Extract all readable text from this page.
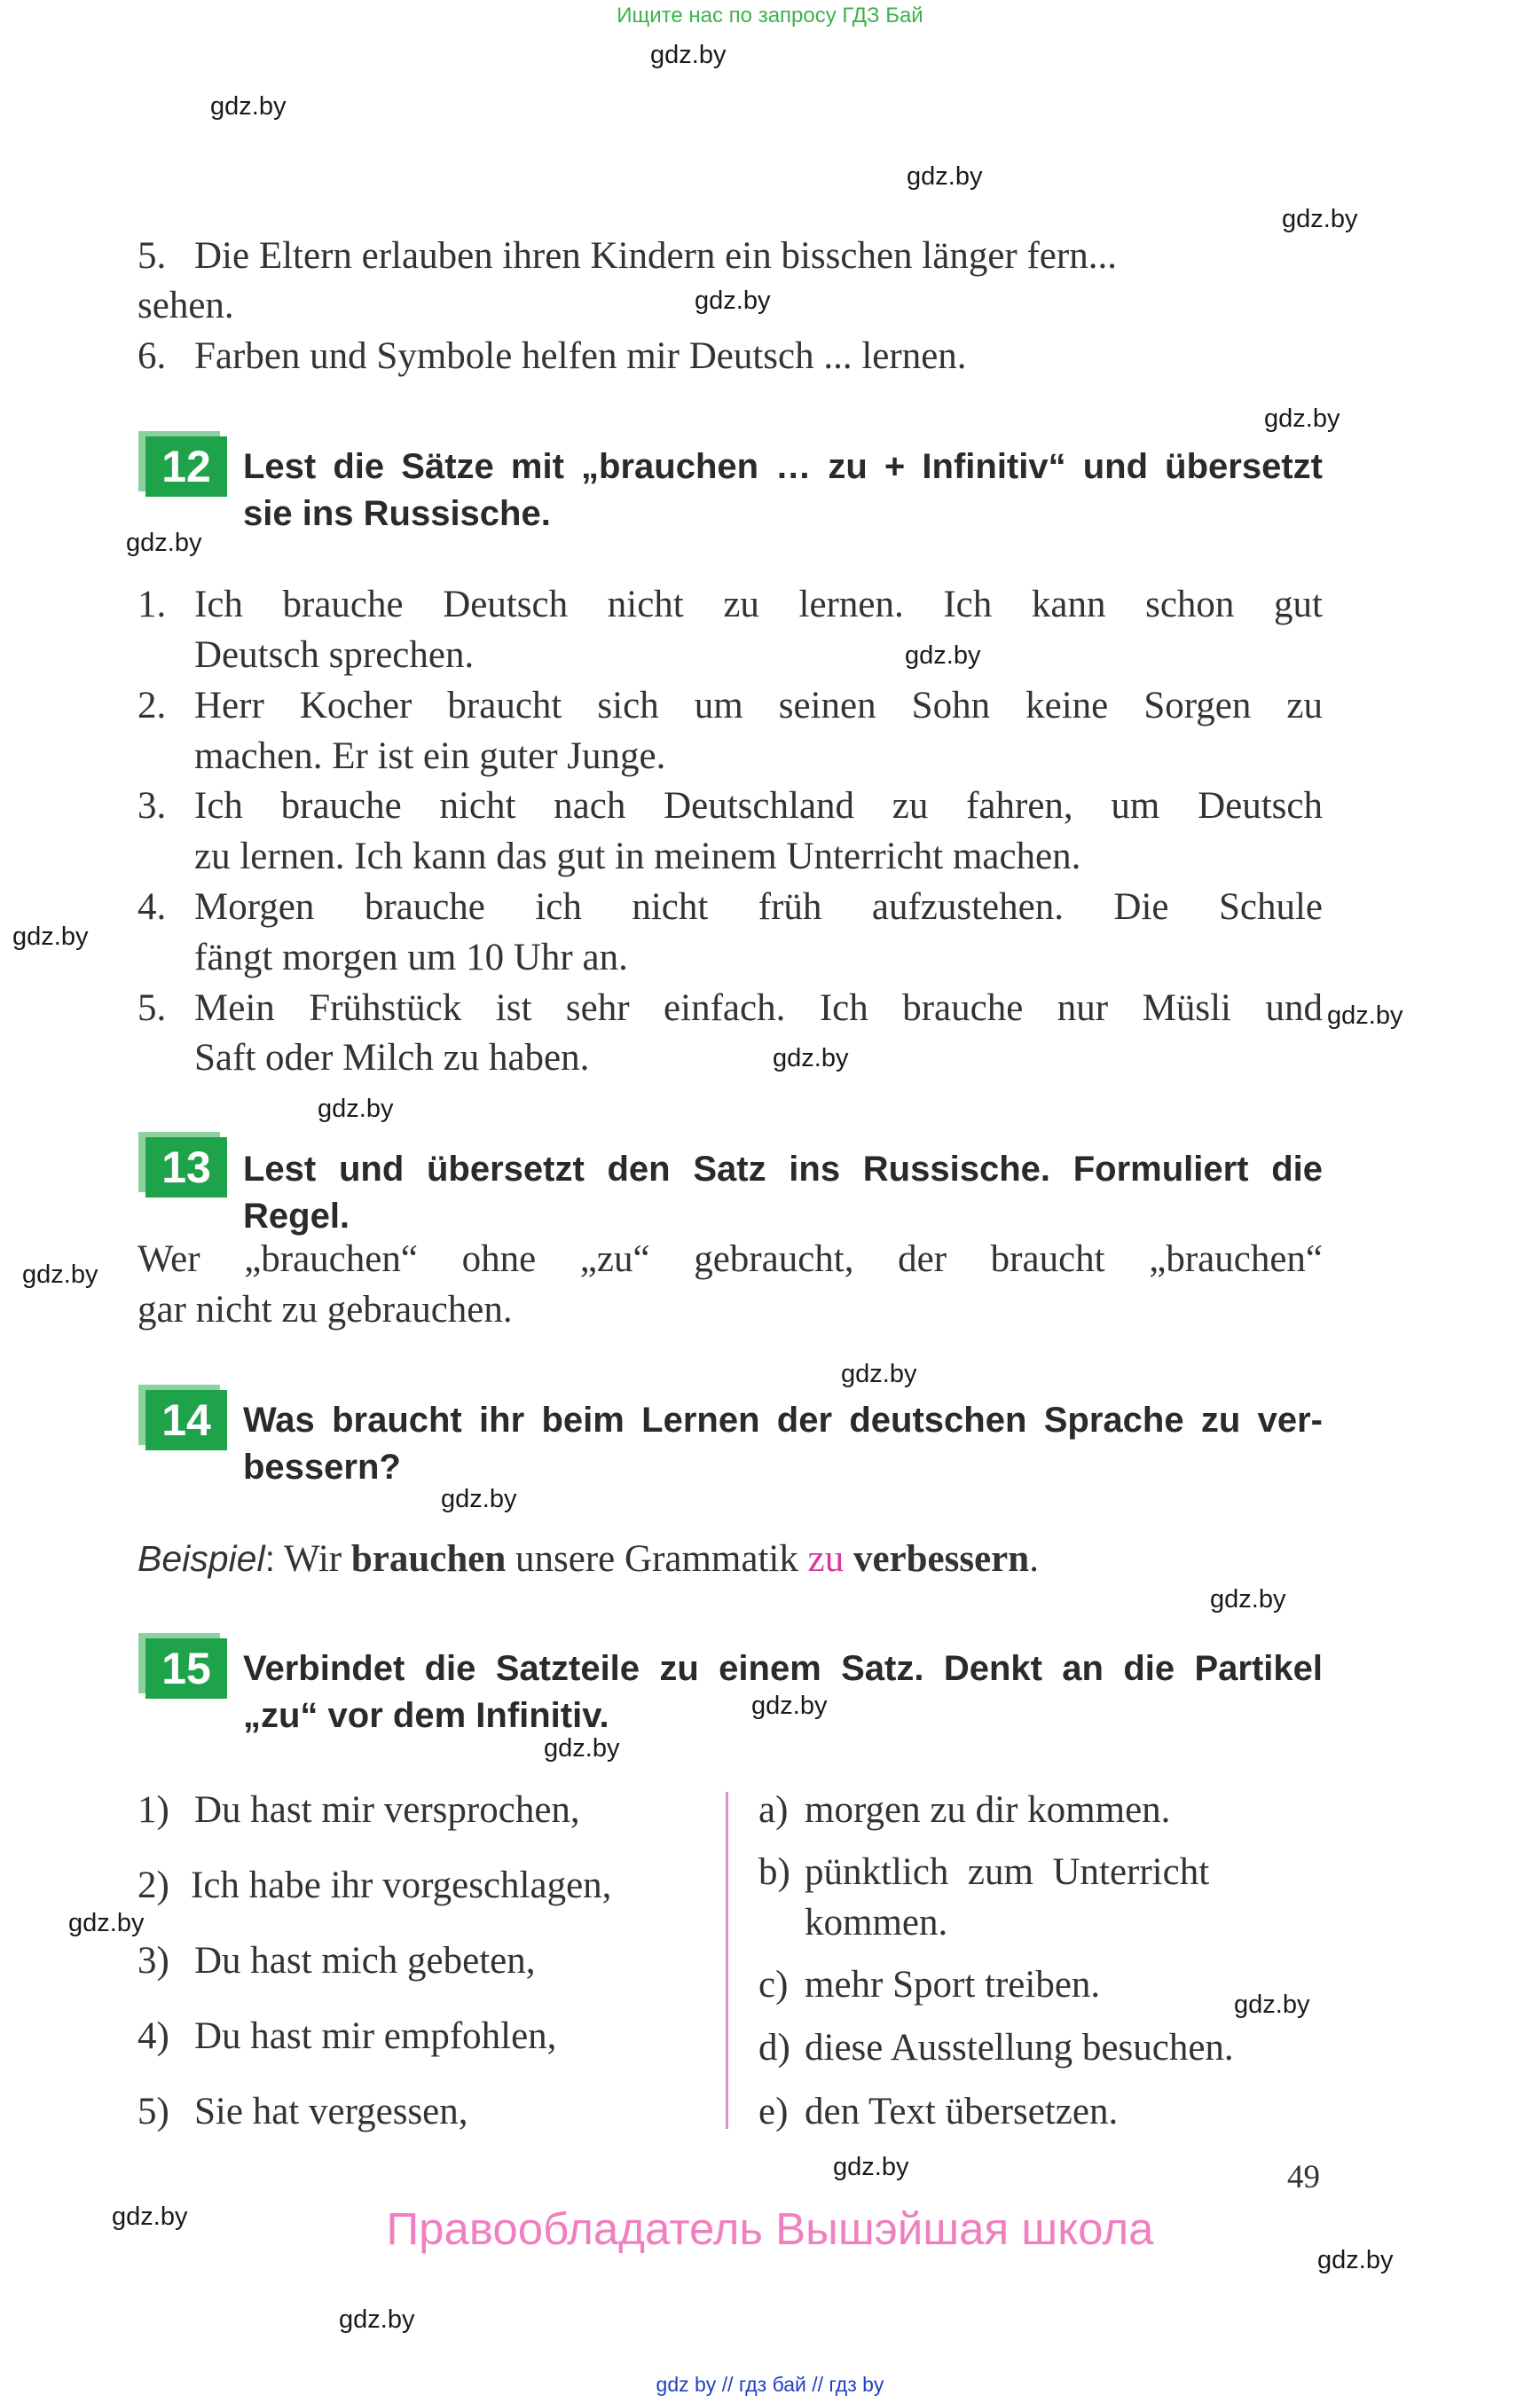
Ищите нас по запросу ГДЗ Бай
gdz.by
gdz.by
gdz.by
gdz.by
gdz.by
gdz.by
gdz.by
gdz.by
gdz.by
gdz.by
gdz.by
gdz.by
gdz.by
gdz.by
gdz.by
gdz.by
gdz.by
gdz.by
gdz.by
gdz.by
gdz.by
gdz.by
gdz.by
gdz.by
5. Die Eltern erlauben ihren Kindern ein bisschen länger fern...
sehen.
6. Farben und Symbole helfen mir Deutsch ... lernen.
12 Lest die Sätze mit „brauchen … zu + Infinitiv“ und übersetzt
sie ins Russische.
1. Ich brauche Deutsch nicht zu lernen. Ich kann schon gut
Deutsch sprechen.
2. Herr Kocher braucht sich um seinen Sohn keine Sorgen zu
machen. Er ist ein guter Junge.
3. Ich brauche nicht nach Deutschland zu fahren, um Deutsch
zu lernen. Ich kann das gut in meinem Unterricht machen.
4. Morgen brauche ich nicht früh aufzustehen. Die Schule
fängt morgen um 10 Uhr an.
5. Mein Frühstück ist sehr einfach. Ich brauche nur Müsli und
Saft oder Milch zu haben.
13 Lest und übersetzt den Satz ins Russische. Formuliert die Regel.
Wer „brauchen“ ohne „zu“ gebraucht, der braucht „brauchen“
gar nicht zu gebrauchen.
14 Was braucht ihr beim Lernen der deutschen Sprache zu ver-
bessern?
Beispiel: Wir brauchen unsere Grammatik zu verbessern.
15 Verbindet die Satzteile zu einem Satz. Denkt an die Partikel
„zu“ vor dem Infinitiv.
1) Du hast mir versprochen,
2) Ich habe ihr vorgeschlagen,
3) Du hast mich gebeten,
4) Du hast mir empfohlen,
5) Sie hat vergessen,
a) morgen zu dir kommen.
b) pünktlich  zum  Unterricht
kommen.
c) mehr Sport treiben.
d) diese Ausstellung besuchen.
e) den Text übersetzen.
49
Правообладатель Вышэйшая школа
gdz by // гдз бай // гдз by
